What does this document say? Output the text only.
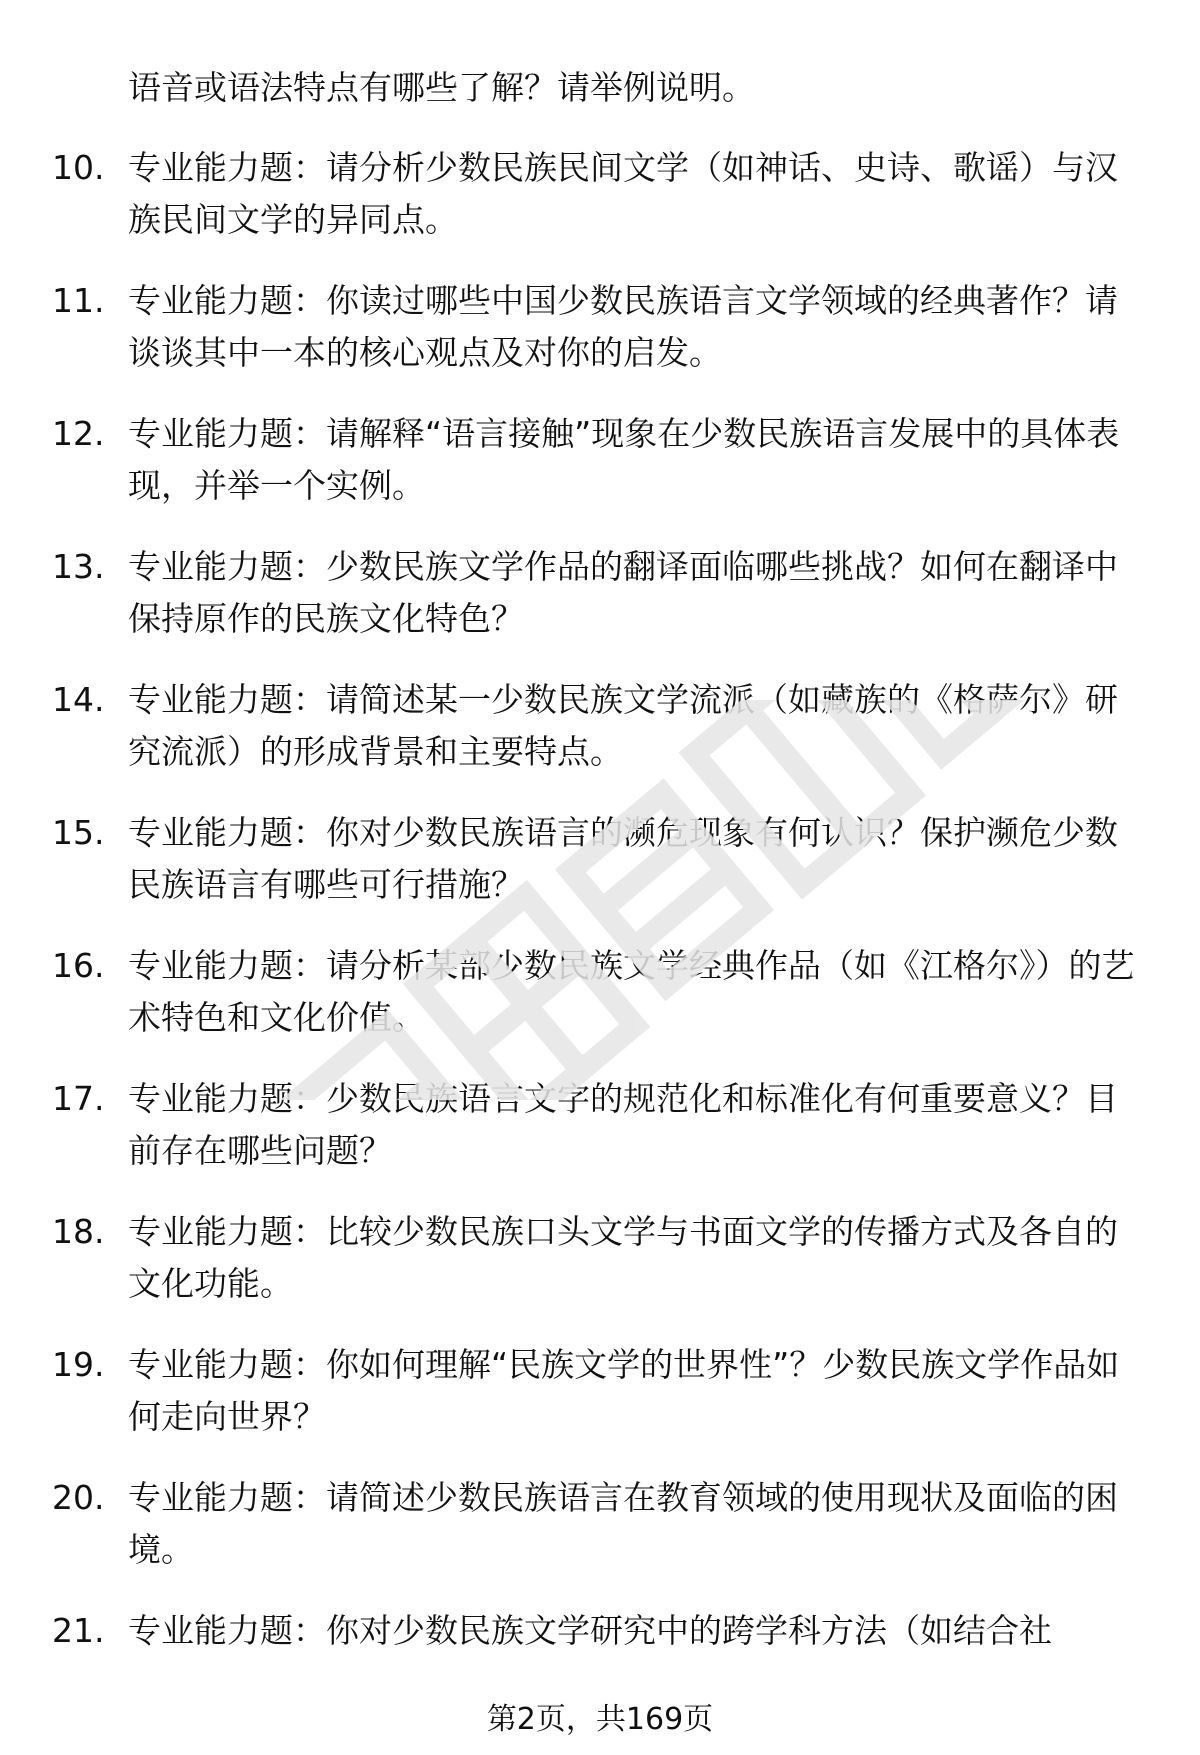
语音或语法特点有哪些了解？请举例说明。

10. 专业能力题：请分析少数民族民间文学（如神话、史诗、歌谣）与汉族民间文学的异同点。

11. 专业能力题：你读过哪些中国少数民族语言文学领域的经典著作？请谈谈其中一本的核心观点及对你的启发。

12. 专业能力题：请解释“语言接触”现象在少数民族语言发展中的具体表现，并举一个实例。

13. 专业能力题：少数民族文学作品的翻译面临哪些挑战？如何在翻译中保持原作的民族文化特色？

14. 专业能力题：请简述某一少数民族文学流派（如藏族的《格萨尔》研究流派）的形成背景和主要特点。

15. 专业能力题：你对少数民族语言的濒危现象有何认识？保护濒危少数民族语言有哪些可行措施？

16. 专业能力题：请分析某部少数民族文学经典作品（如《江格尔》）的艺术特色和文化价值。

17. 专业能力题：少数民族语言文字的规范化和标准化有何重要意义？目前存在哪些问题？

18. 专业能力题：比较少数民族口头文学与书面文学的传播方式及各自的文化功能。

19. 专业能力题：你如何理解“民族文学的世界性”？少数民族文学作品如何走向世界？

20. 专业能力题：请简述少数民族语言在教育领域的使用现状及面临的困境。

21. 专业能力题：你对少数民族文学研究中的跨学科方法（如结合社

第2页，共169页
